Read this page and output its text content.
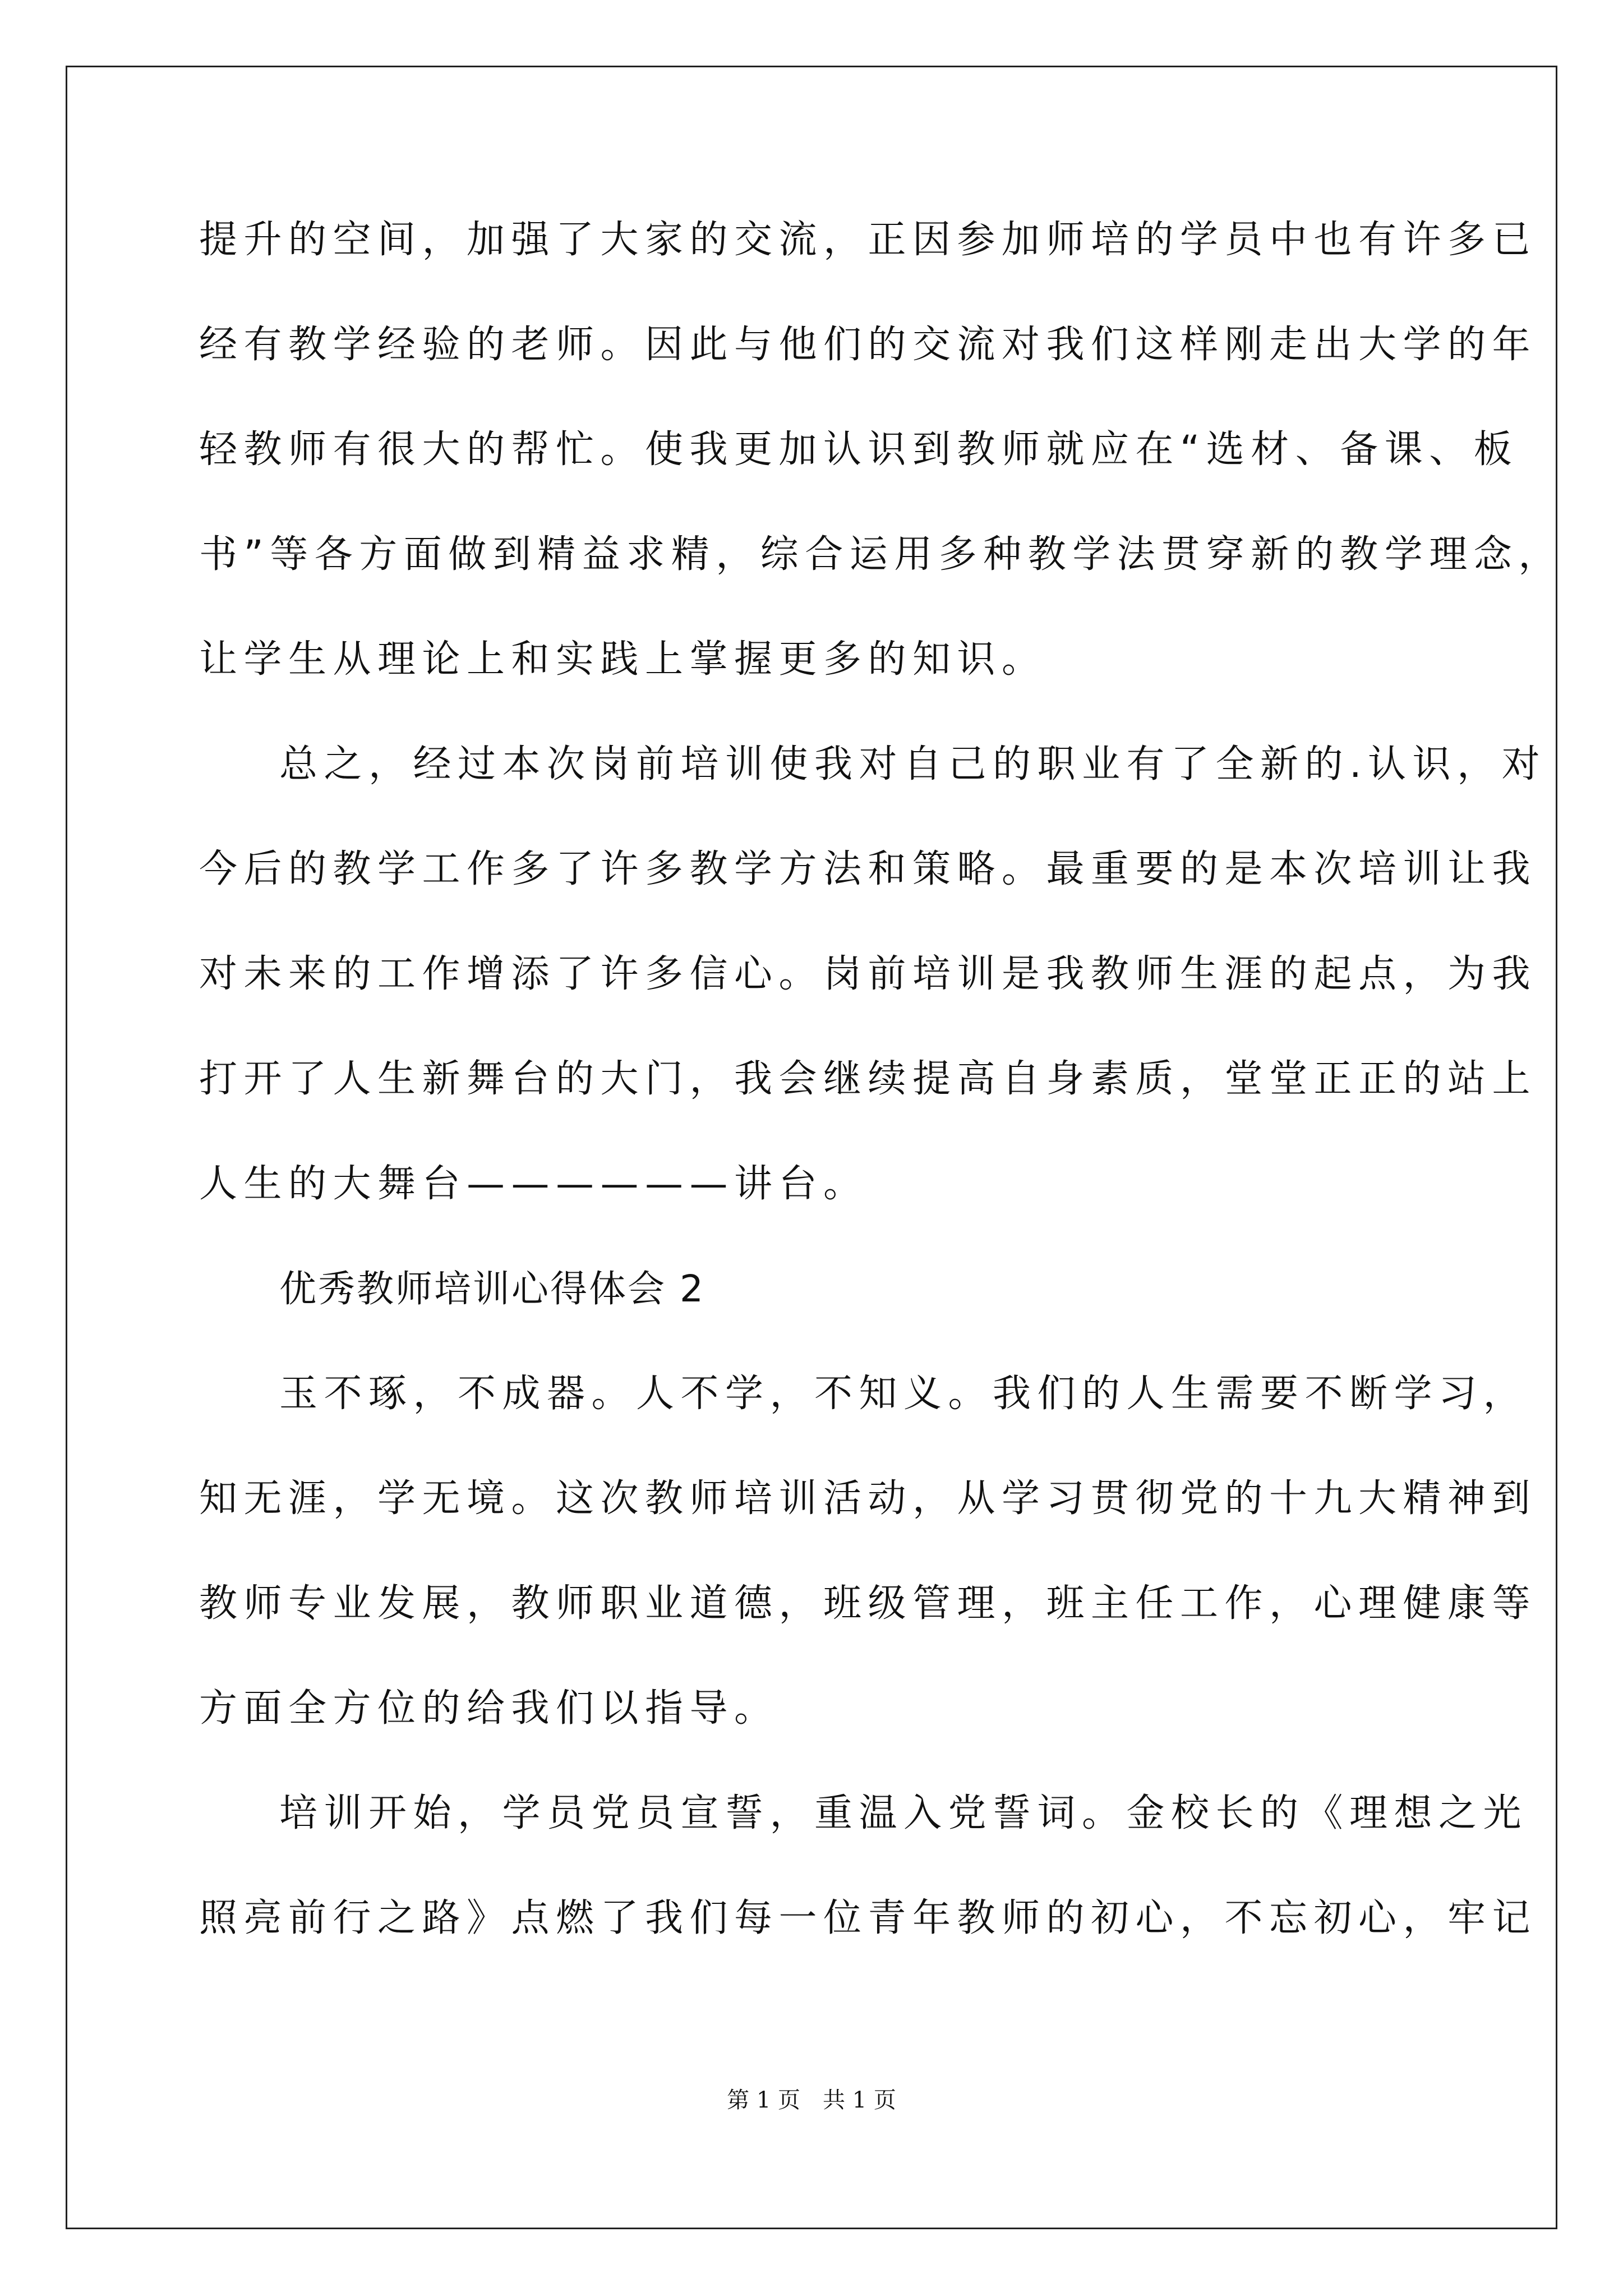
提升的空间，加强了大家的交流，正因参加师培的学员中也有许多已
经有教学经验的老师。因此与他们的交流对我们这样刚走出大学的年
轻教师有很大的帮忙。使我更加认识到教师就应在“选材、备课、板
书”等各方面做到精益求精，综合运用多种教学法贯穿新的教学理念，
让学生从理论上和实践上掌握更多的知识。
总之，经过本次岗前培训使我对自己的职业有了全新的.认识，对
今后的教学工作多了许多教学方法和策略。最重要的是本次培训让我
对未来的工作增添了许多信心。岗前培训是我教师生涯的起点，为我
打开了人生新舞台的大门，我会继续提高自身素质，堂堂正正的站上
人生的大舞台——————讲台。
优秀教师培训心得体会 2
玉不琢，不成器。人不学，不知义。我们的人生需要不断学习，
知无涯，学无境。这次教师培训活动，从学习贯彻党的十九大精神到
教师专业发展，教师职业道德，班级管理，班主任工作，心理健康等
方面全方位的给我们以指导。
培训开始，学员党员宣誓，重温入党誓词。金校长的《理想之光
照亮前行之路》点燃了我们每一位青年教师的初心，不忘初心，牢记
第 1 页　共 1 页
